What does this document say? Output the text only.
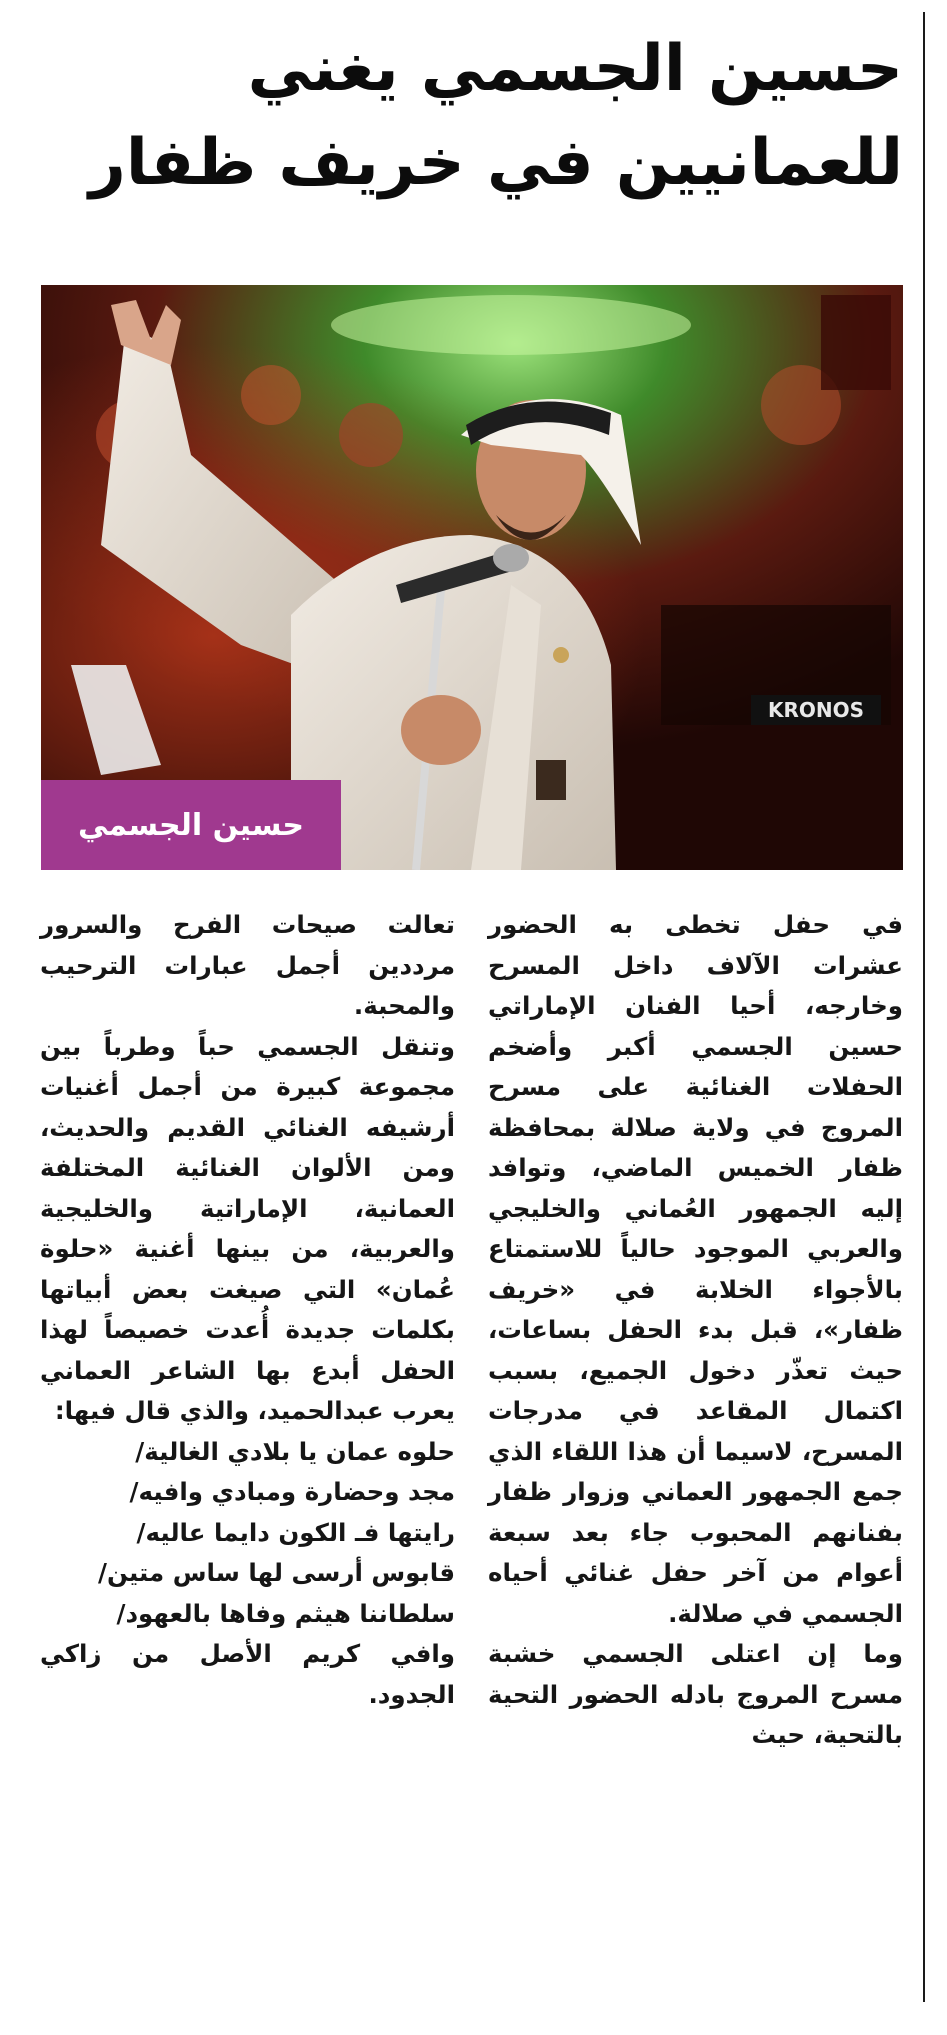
حسين الجسمي يغني للعمانيين في خريف ظفار
KRONOS
حسين الجسمي

في حفل تخطى به الحضور عشرات الآلاف داخل المسرح وخارجه، أحيا الفنان الإماراتي حسين الجسمي أكبر وأضخم الحفلات الغنائية على مسرح المروج في ولاية صلالة بمحافظة ظفار الخميس الماضي، وتوافد إليه الجمهور العُماني والخليجي والعربي الموجود حالياً للاستمتاع بالأجواء الخلابة في «خريف ظفار»، قبل بدء الحفل بساعات، حيث تعذّر دخول الجميع، بسبب اكتمال المقاعد في مدرجات المسرح، لاسيما أن هذا اللقاء الذي جمع الجمهور العماني وزوار ظفار بفنانهم المحبوب جاء بعد سبعة أعوام من آخر حفل غنائي أحياه الجسمي في صلالة.

وما إن اعتلى الجسمي خشبة مسرح المروج بادله الحضور التحية بالتحية، حيث

تعالت صيحات الفرح والسرور مرددين أجمل عبارات الترحيب والمحبة.

وتنقل الجسمي حباً وطرباً بين مجموعة كبيرة من أجمل أغنيات أرشيفه الغنائي القديم والحديث، ومن الألوان الغنائية المختلفة العمانية، الإماراتية والخليجية والعربية، من بينها أغنية «حلوة عُمان» التي صيغت بعض أبياتها بكلمات جديدة أُعدت خصيصاً لهذا الحفل أبدع بها الشاعر العماني يعرب عبدالحميد، والذي قال فيها:

حلوه عمان يا بلادي الغالية/

مجد وحضارة ومبادي وافيه/

رايتها فـ الكون دايما عاليه/

قابوس أرسى لها ساس متين/

سلطاننا هيثم وفاها بالعهود/

وافي كريم الأصل من زاكي الجدود.
